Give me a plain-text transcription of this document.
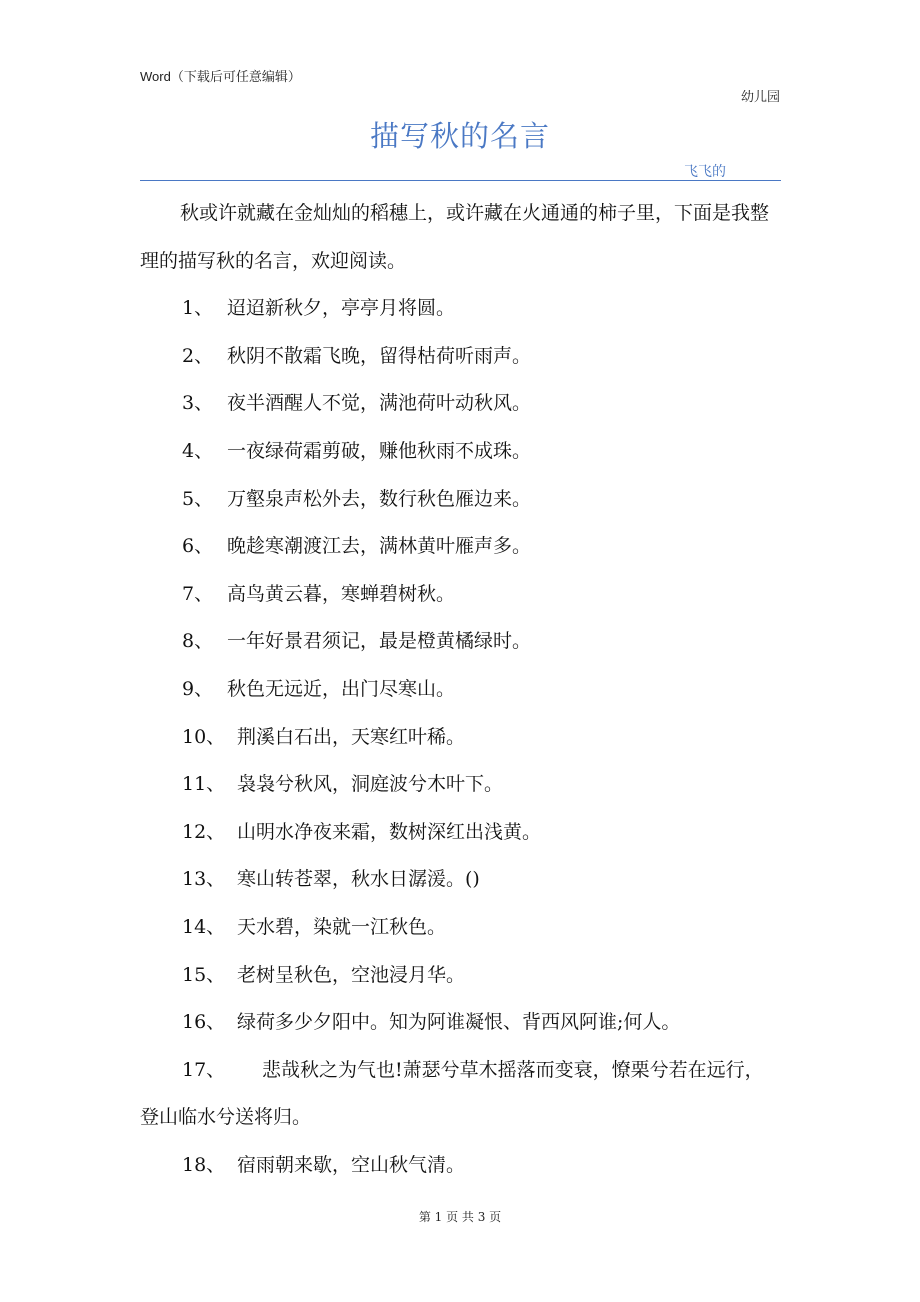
Word（下载后可任意编辑）
幼儿园
描写秋的名言
飞飞的

秋或许就藏在金灿灿的稻穗上，或许藏在火通通的柿子里，下面是我整理的描写秋的名言，欢迎阅读。

1、 迢迢新秋夕，亭亭月将圆。

2、 秋阴不散霜飞晚，留得枯荷听雨声。

3、 夜半酒醒人不觉，满池荷叶动秋风。

4、 一夜绿荷霜剪破，赚他秋雨不成珠。

5、 万壑泉声松外去，数行秋色雁边来。

6、 晚趁寒潮渡江去，满林黄叶雁声多。

7、 高鸟黄云暮，寒蝉碧树秋。

8、 一年好景君须记，最是橙黄橘绿时。

9、 秋色无远近，出门尽寒山。

10、 荆溪白石出，天寒红叶稀。

11、 袅袅兮秋风，洞庭波兮木叶下。

12、 山明水净夜来霜，数树深红出浅黄。

13、 寒山转苍翠，秋水日潺湲。()

14、 天水碧，染就一江秋色。

15、 老树呈秋色，空池浸月华。

16、 绿荷多少夕阳中。知为阿谁凝恨、背西风阿谁;何人。

17、 悲哉秋之为气也!萧瑟兮草木摇落而变衰，憭栗兮若在远行，登山临水兮送将归。

18、 宿雨朝来歇，空山秋气清。

第 1 页 共 3 页
